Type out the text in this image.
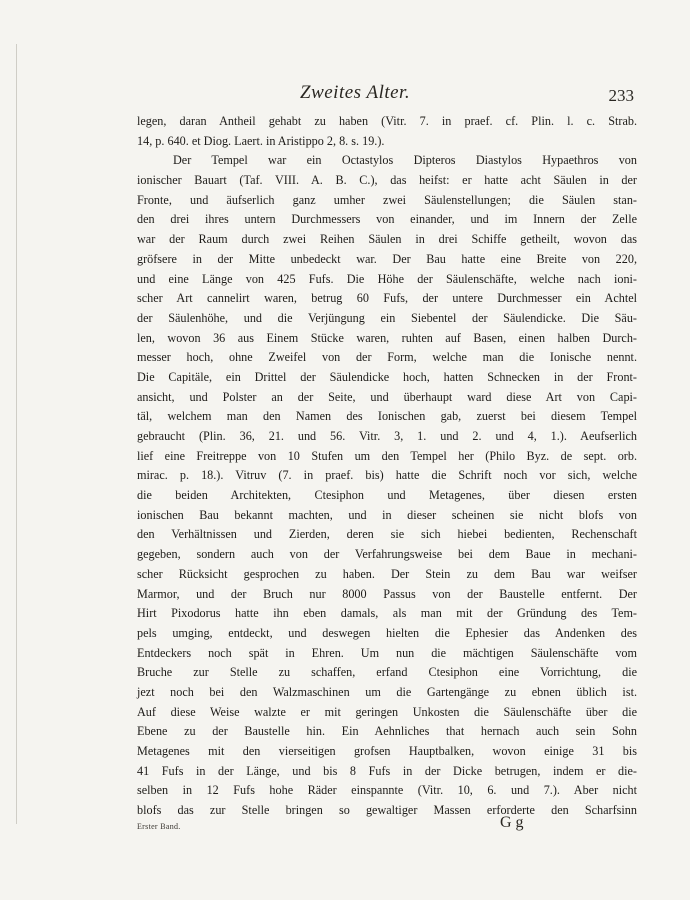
Zweites Alter.	233
legen, daran Antheil gehabt zu haben (Vitr. 7. in praef. cf. Plin. l. c. Strab.
14, p. 640. et Diog. Laert. in Aristippo 2, 8. s. 19.).
Der Tempel war ein Octastylos Dipteros Diastylos Hypaethros von
ionischer Bauart (Taf. VIII. A. B. C.), das heifst: er hatte acht Säulen in der
Fronte, und äufserlich ganz umher zwei Säulenstellungen; die Säulen stan-
den drei ihres untern Durchmessers von einander, und im Innern der Zelle
war der Raum durch zwei Reihen Säulen in drei Schiffe getheilt, wovon das
gröfsere in der Mitte unbedeckt war. Der Bau hatte eine Breite von 220,
und eine Länge von 425 Fufs. Die Höhe der Säulenschäfte, welche nach ioni-
scher Art cannelirt waren, betrug 60 Fufs, der untere Durchmesser ein Achtel
der Säulenhöhe, und die Verjüngung ein Siebentel der Säulendicke. Die Säu-
len, wovon 36 aus Einem Stücke waren, ruhten auf Basen, einen halben Durch-
messer hoch, ohne Zweifel von der Form, welche man die Ionische nennt.
Die Capitäle, ein Drittel der Säulendicke hoch, hatten Schnecken in der Front-
ansicht, und Polster an der Seite, und überhaupt ward diese Art von Capi-
täl, welchem man den Namen des Ionischen gab, zuerst bei diesem Tempel
gebraucht (Plin. 36, 21. und 56. Vitr. 3, 1. und 2. und 4, 1.). Aeufserlich
lief eine Freitreppe von 10 Stufen um den Tempel her (Philo Byz. de sept. orb.
mirac. p. 18.). Vitruv (7. in praef. bis) hatte die Schrift noch vor sich, welche
die beiden Architekten, Ctesiphon und Metagenes, über diesen ersten
ionischen Bau bekannt machten, und in dieser scheinen sie nicht blofs von
den Verhältnissen und Zierden, deren sie sich hiebei bedienten, Rechenschaft
gegeben, sondern auch von der Verfahrungsweise bei dem Baue in mechani-
scher Rücksicht gesprochen zu haben. Der Stein zu dem Bau war weifser
Marmor, und der Bruch nur 8000 Passus von der Baustelle entfernt. Der
Hirt Pixodorus hatte ihn eben damals, als man mit der Gründung des Tem-
pels umging, entdeckt, und deswegen hielten die Ephesier das Andenken des
Entdeckers noch spät in Ehren. Um nun die mächtigen Säulenschäfte vom
Bruche zur Stelle zu schaffen, erfand Ctesiphon eine Vorrichtung, die
jezt noch bei den Walzmaschinen um die Gartengänge zu ebnen üblich ist.
Auf diese Weise walzte er mit geringen Unkosten die Säulenschäfte über die
Ebene zu der Baustelle hin. Ein Aehnliches that hernach auch sein Sohn
Metagenes mit den vierseitigen grofsen Hauptbalken, wovon einige 31 bis
41 Fufs in der Länge, und bis 8 Fufs in der Dicke betrugen, indem er die-
selben in 12 Fufs hohe Räder einspannte (Vitr. 10, 6. und 7.). Aber nicht
blofs das zur Stelle bringen so gewaltiger Massen erforderte den Scharfsinn
Erster Band.	G g
